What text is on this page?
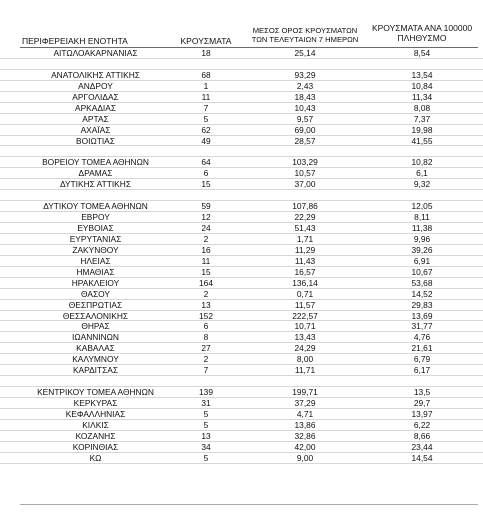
ΠΕΡΙΦΕΡΕΙΑΚΗ ΕΝΟΤΗΤΑ	ΚΡΟΥΣΜΑΤΑ
ΜΕΣΟΣ ΟΡΟΣ ΚΡΟΥΣΜΑΤΩΝ
ΤΩΝ ΤΕΛΕΥΤΑΙΩΝ 7 ΗΜΕΡΩΝ
ΚΡΟΥΣΜΑΤΑ ΑΝΑ 100000
ΠΛΗΘΥΣΜΟ
ΑΙΤΩΛΟΑΚΑΡΝΑΝΙΑΣ	18	25,14	8,54
ΑΝΑΤΟΛΙΚΗΣ ΑΤΤΙΚΗΣ	68	93,29	13,54
ΑΝΔΡΟΥ	1	2,43	10,84
ΑΡΓΟΛΙΔΑΣ	11	18,43	11,34
ΑΡΚΑΔΙΑΣ	7	10,43	8,08
ΑΡΤΑΣ	5	9,57	7,37
ΑΧΑΪΑΣ	62	69,00	19,98
ΒΟΙΩΤΙΑΣ	49	28,57	41,55
ΒΟΡΕΙΟΥ ΤΟΜΕΑ ΑΘΗΝΩΝ	64	103,29	10,82
ΔΡΑΜΑΣ	6	10,57	6,1
ΔΥΤΙΚΗΣ ΑΤΤΙΚΗΣ	15	37,00	9,32
ΔΥΤΙΚΟΥ ΤΟΜΕΑ ΑΘΗΝΩΝ	59	107,86	12,05
ΕΒΡΟΥ	12	22,29	8,11
ΕΥΒΟΙΑΣ	24	51,43	11,38
ΕΥΡΥΤΑΝΙΑΣ	2	1,71	9,96
ΖΑΚΥΝΘΟΥ	16	11,29	39,26
ΗΛΕΙΑΣ	11	11,43	6,91
ΗΜΑΘΙΑΣ	15	16,57	10,67
ΗΡΑΚΛΕΙΟΥ	164	136,14	53,68
ΘΑΣΟΥ	2	0,71	14,52
ΘΕΣΠΡΩΤΙΑΣ	13	11,57	29,83
ΘΕΣΣΑΛΟΝΙΚΗΣ	152	222,57	13,69
ΘΗΡΑΣ	6	10,71	31,77
ΙΩΑΝΝΙΝΩΝ	8	13,43	4,76
ΚΑΒΑΛΑΣ	27	24,29	21,61
ΚΑΛΥΜΝΟΥ	2	8,00	6,79
ΚΑΡΔΙΤΣΑΣ	7	11,71	6,17
ΚΕΝΤΡΙΚΟΥ ΤΟΜΕΑ ΑΘΗΝΩΝ	139	199,71	13,5
ΚΕΡΚΥΡΑΣ	31	37,29	29,7
ΚΕΦΑΛΛΗΝΙΑΣ	5	4,71	13,97
ΚΙΛΚΙΣ	5	13,86	6,22
ΚΟΖΑΝΗΣ	13	32,86	8,66
ΚΟΡΙΝΘΙΑΣ	34	42,00	23,44
ΚΩ	5	9,00	14,54
